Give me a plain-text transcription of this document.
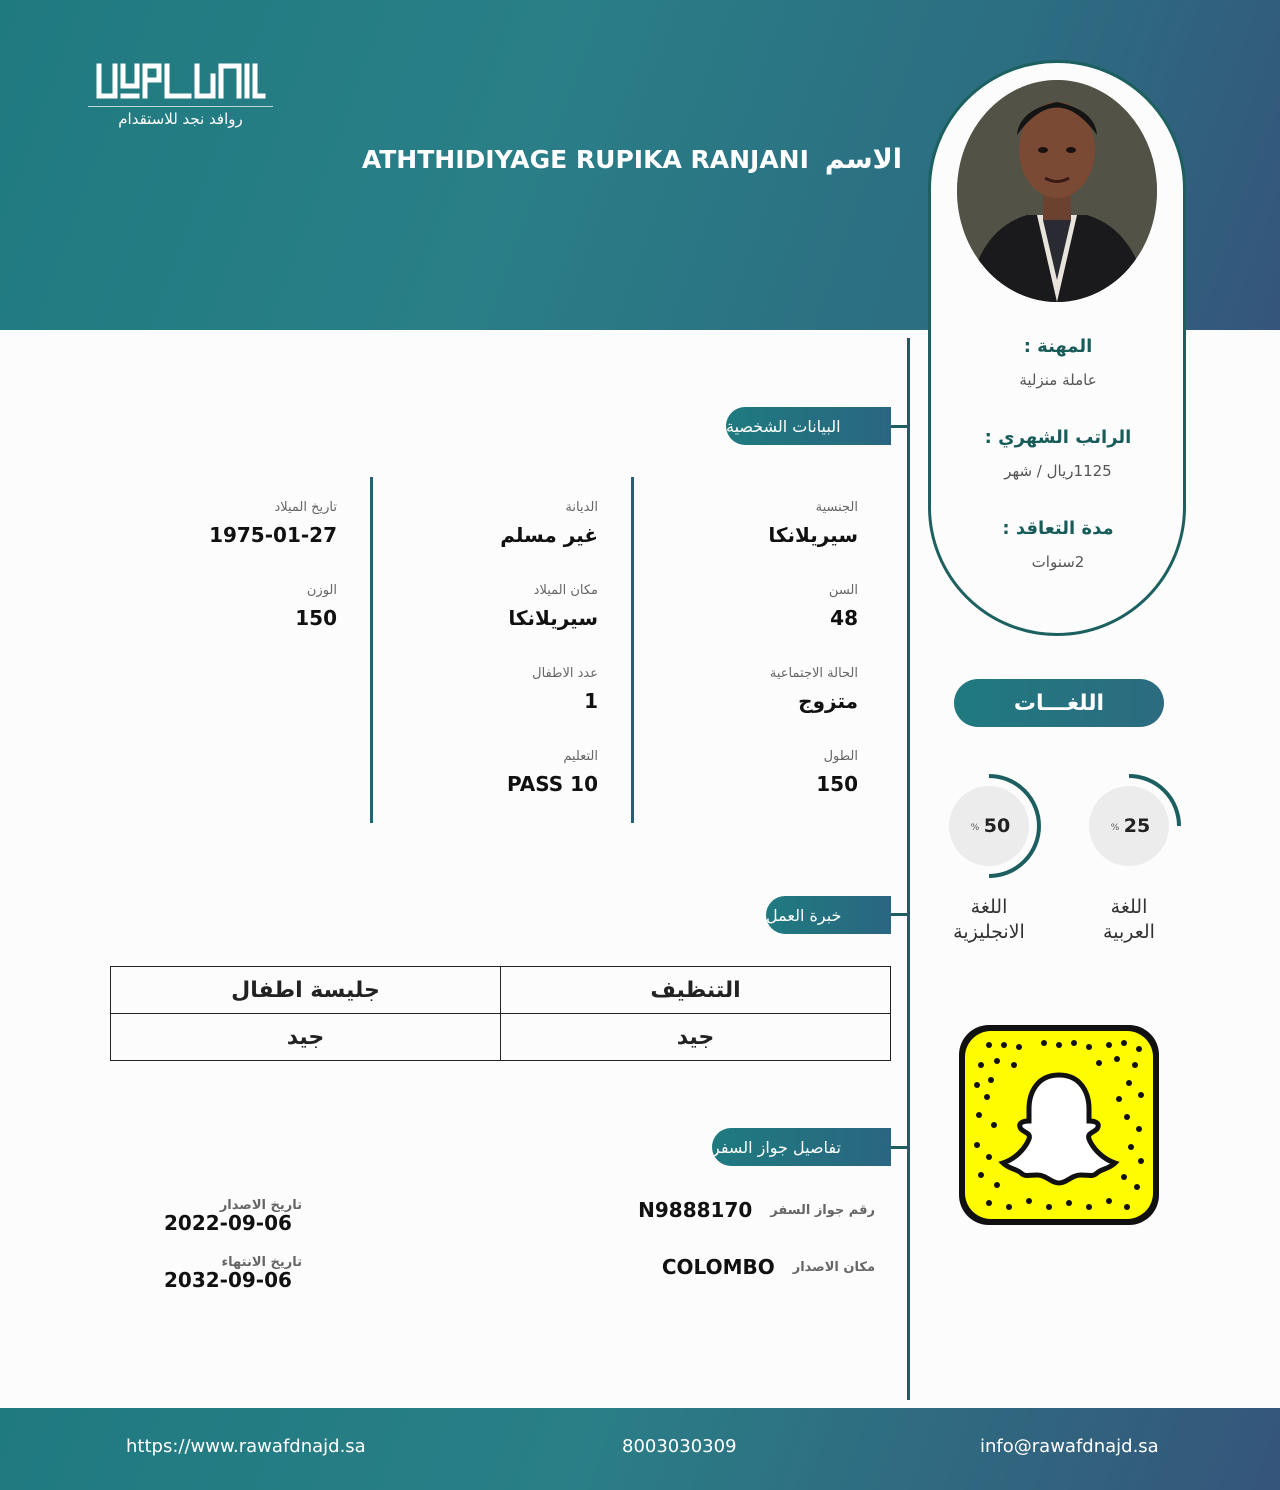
روافد نجد للاستقدام
الاسم
ATHTHIDIYAGE RUPIKA RANJANI
المهنة :
عاملة منزلية
الراتب الشهري :
1125ريال / شهر
مدة التعاقد :
2سنوات
اللغـــات
25
%
50
%
اللغة
العربية
اللغة
الانجليزية
البيانات الشخصية
خبرة العمل
تفاصيل جواز السفر
الجنسية
سيريلانكا
السن
48
الحالة الاجتماعية
متزوج
الطول
150
الديانة
غير مسلم
مكان الميلاد
سيريلانكا
عدد الاطفال
1
التعليم
PASS 10
تاريخ الميلاد
1975-01-27
الوزن
150
التنظيف	جليسة اطفال
جيد	جيد
رقم جواز السفر
N9888170
مكان الاصدار
COLOMBO
تاريخ الاصدار
2022-09-06
تاريخ الانتهاء
2032-09-06
https://www.rawafdnajd.sa	8003030309	info@rawafdnajd.sa
